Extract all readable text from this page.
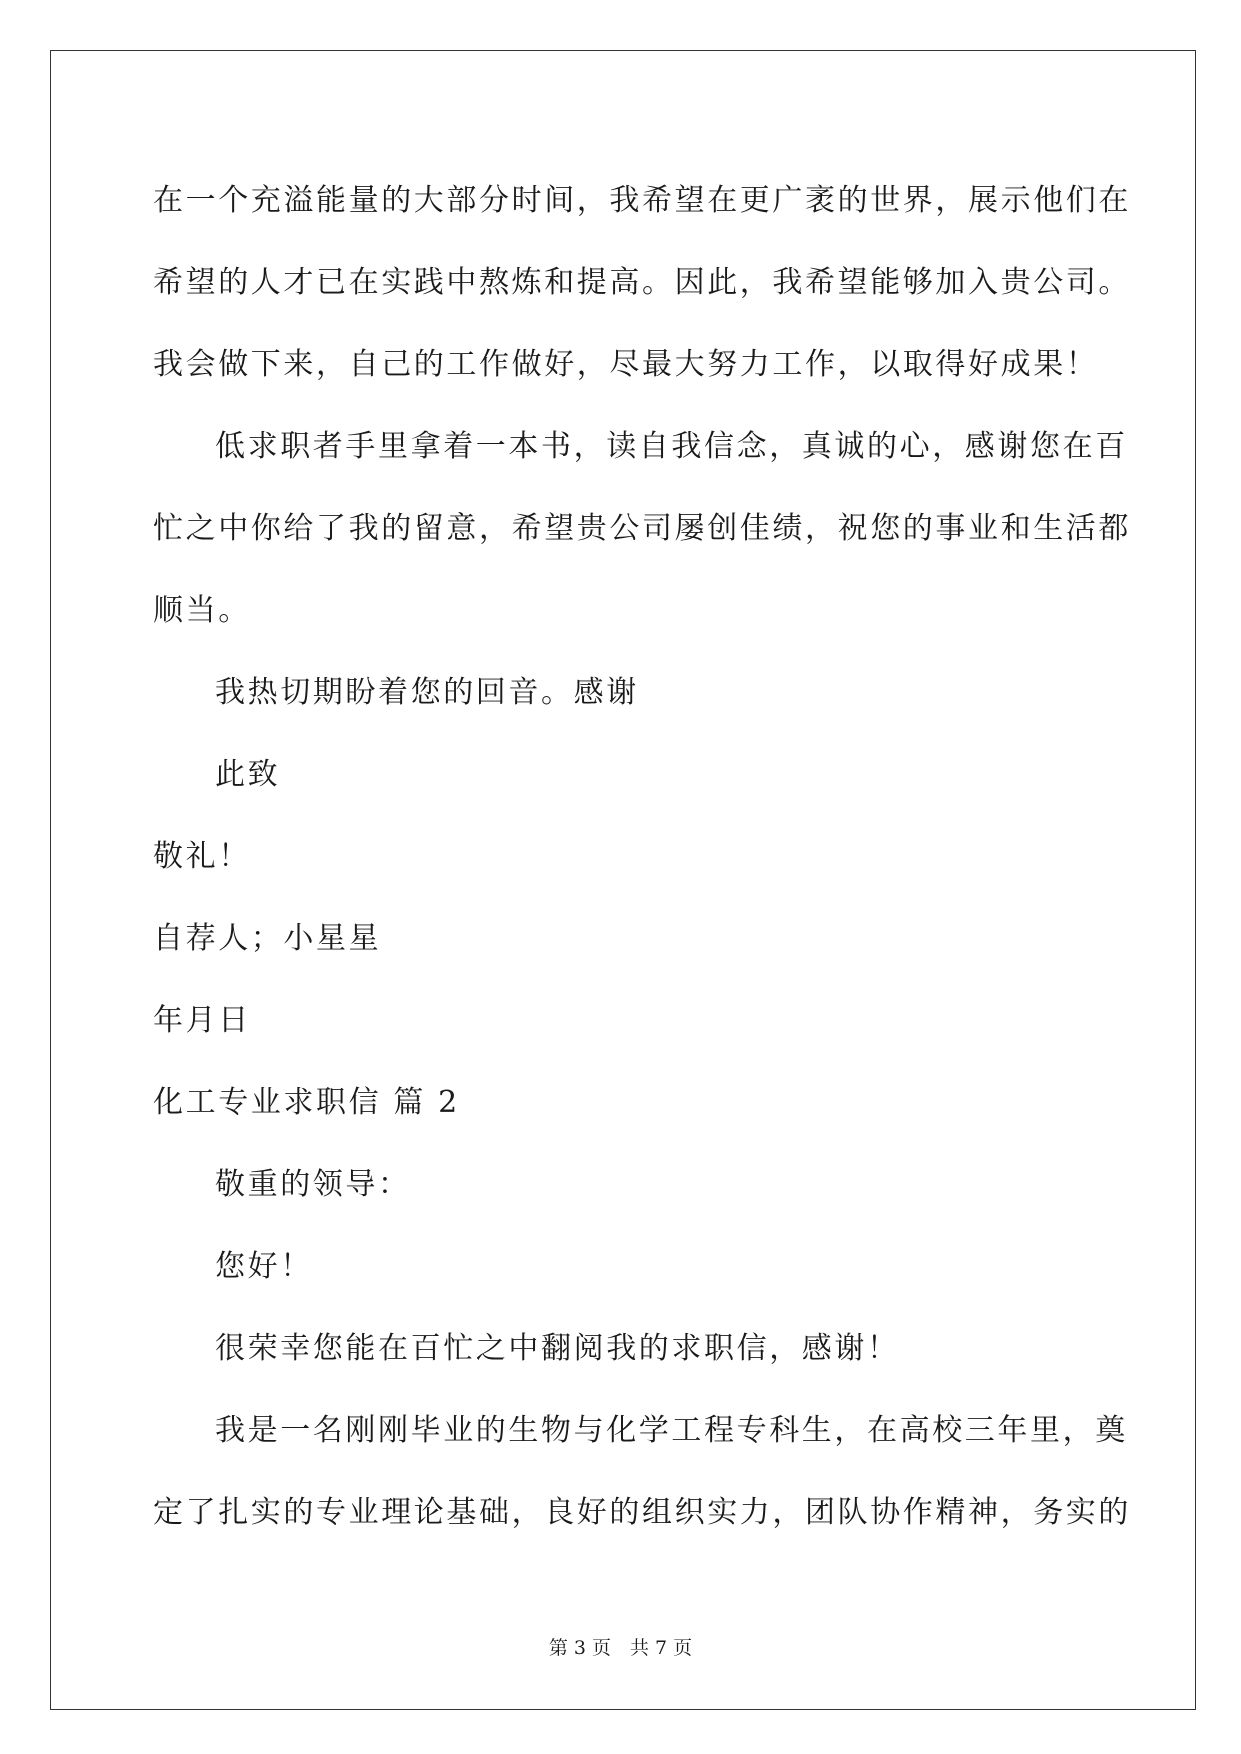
在一个充溢能量的大部分时间，我希望在更广袤的世界，展示他们在
希望的人才已在实践中熬炼和提高。因此，我希望能够加入贵公司。
我会做下来，自己的工作做好，尽最大努力工作，以取得好成果！
低求职者手里拿着一本书，读自我信念，真诚的心，感谢您在百
忙之中你给了我的留意，希望贵公司屡创佳绩，祝您的事业和生活都
顺当。
我热切期盼着您的回音。感谢
此致
敬礼！
自荐人；小星星
年月日
化工专业求职信 篇 2
敬重的领导：
您好！
很荣幸您能在百忙之中翻阅我的求职信，感谢！
我是一名刚刚毕业的生物与化学工程专科生，在高校三年里，奠
定了扎实的专业理论基础，良好的组织实力，团队协作精神，务实的
第 3 页　共 7 页
